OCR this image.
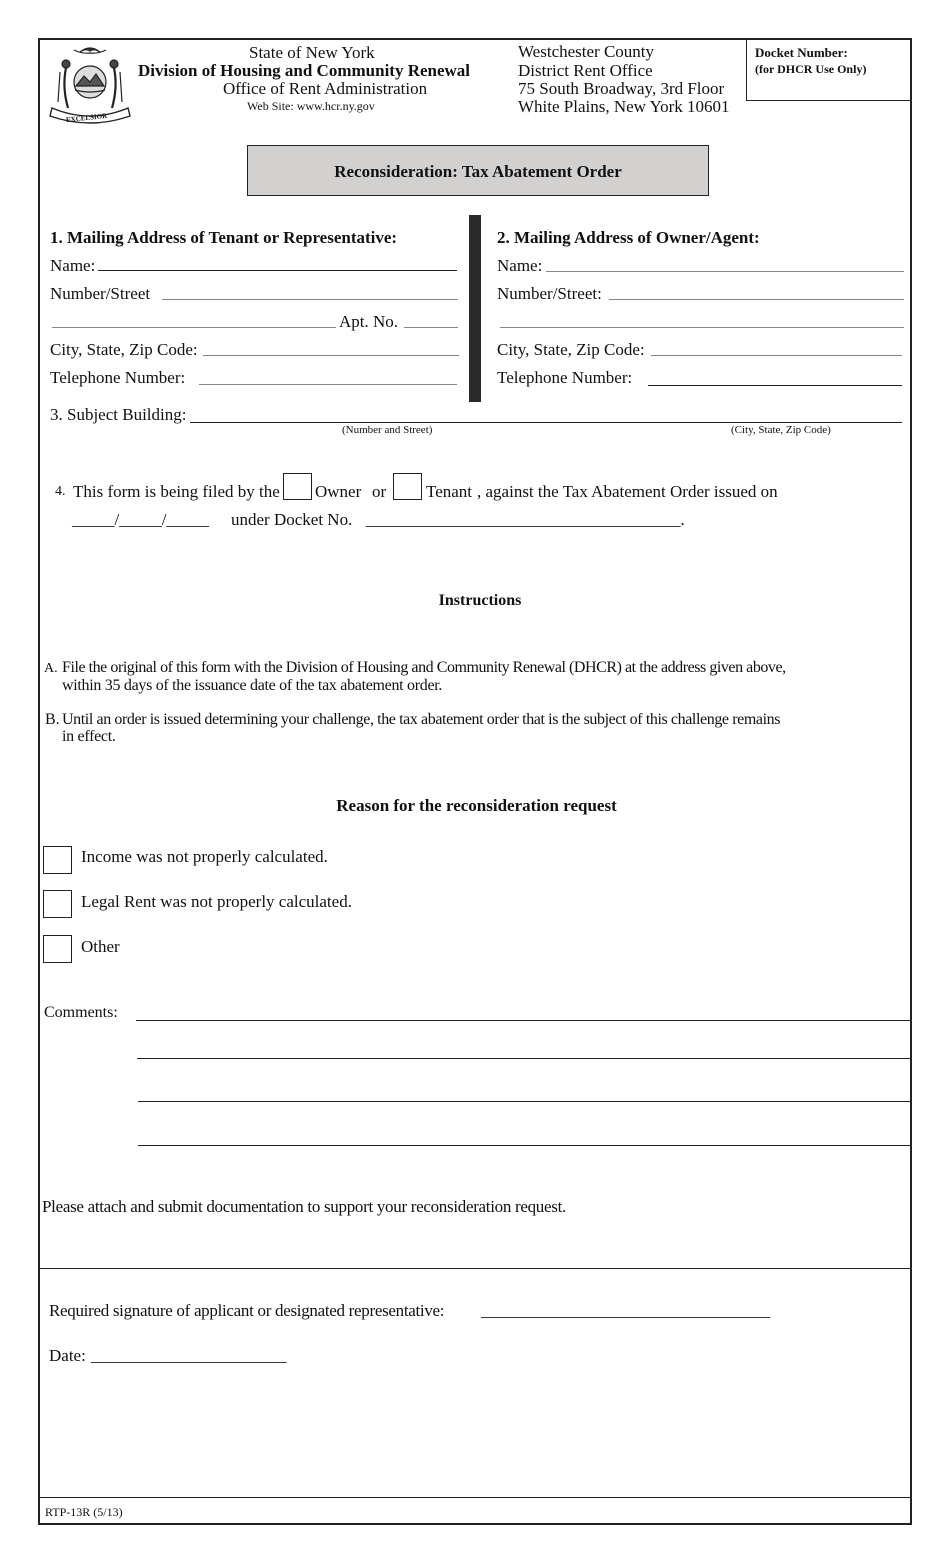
EXCELSIOR
State of New York
Division of Housing and Community Renewal
Office of Rent Administration
Web Site: www.hcr.ny.gov
Westchester County
District Rent Office
75 South Broadway, 3rd Floor
White Plains, New York 10601
Docket Number:
(for DHCR Use Only)
Reconsideration: Tax Abatement Order
1. Mailing Address of Tenant or Representative:
Name:
Number/Street
Apt. No.
City, State, Zip Code:
Telephone Number:
2. Mailing Address of Owner/Agent:
Name:
Number/Street:
City, State, Zip Code:
Telephone Number:
3. Subject Building:
(Number and Street)	(City, State, Zip Code)
4. This form is being filed by the Owner or Tenant , against the Tax Abatement Order issued on
_____/_____/_____ under Docket No. _____________________________________.
Instructions
A. File the original of this form with the Division of Housing and Community Renewal (DHCR) at the address given above,
within 35 days of the issuance date of the tax abatement order.
B. Until an order is issued determining your challenge, the tax abatement order that is the subject of this challenge remains
in effect.
Reason for the reconsideration request
Income was not properly calculated.
Legal Rent was not properly calculated.
Other
Comments:
Please attach and submit documentation to support your reconsideration request.
Required signature of applicant or designated representative: __________________________________
Date: _______________________
RTP-13R (5/13)
